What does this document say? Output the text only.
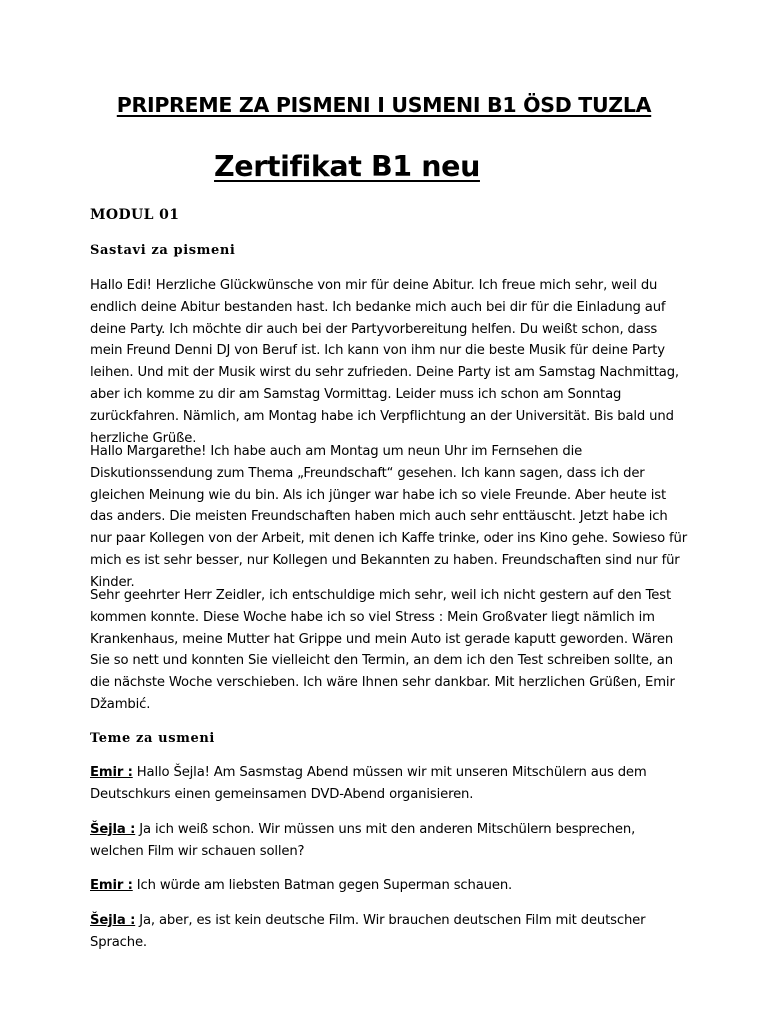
PRIPREME ZA PISMENI I USMENI B1 ÖSD TUZLA
Zertifikat B1 neu
MODUL 01
Sastavi za pismeni

Hallo Edi! Herzliche Glückwünsche von mir für deine Abitur. Ich freue mich sehr, weil du endlich deine Abitur bestanden hast. Ich bedanke mich auch bei dir für die Einladung auf deine Party. Ich möchte dir auch bei der Partyvorbereitung helfen. Du weißt schon, dass mein Freund Denni DJ von Beruf ist. Ich kann von ihm nur die beste Musik für deine Party leihen. Und mit der Musik wirst du sehr zufrieden. Deine Party ist am Samstag Nachmittag, aber ich komme zu dir am Samstag Vormittag. Leider muss ich schon am Sonntag zurückfahren. Nämlich, am Montag habe ich Verpflichtung an der Universität. Bis bald und herzliche Grüße.

Hallo Margarethe! Ich habe auch am Montag um neun Uhr im Fernsehen die Diskutionssendung zum Thema „Freundschaft“ gesehen. Ich kann sagen, dass ich der gleichen Meinung wie du bin. Als ich jünger war habe ich so viele Freunde. Aber heute ist das anders. Die meisten Freundschaften haben mich auch sehr enttäuscht. Jetzt habe ich nur paar Kollegen von der Arbeit, mit denen ich Kaffe trinke, oder ins Kino gehe. Sowieso für mich es ist sehr besser, nur Kollegen und Bekannten zu haben. Freundschaften sind nur für Kinder.

Sehr geehrter Herr Zeidler, ich entschuldige mich sehr, weil ich nicht gestern auf den Test kommen konnte. Diese Woche habe ich so viel Stress : Mein Großvater liegt nämlich im Krankenhaus, meine Mutter hat Grippe und mein Auto ist gerade kaputt geworden. Wären Sie so nett und konnten Sie vielleicht den Termin, an dem ich den Test schreiben sollte, an die nächste Woche verschieben. Ich wäre Ihnen sehr dankbar. Mit herzlichen Grüßen, Emir Džambić.

Teme za usmeni

Emir : Hallo Šejla! Am Sasmstag Abend müssen wir mit unseren Mitschülern aus dem Deutschkurs einen gemeinsamen DVD-Abend organisieren.

Šejla : Ja ich weiß schon. Wir müssen uns mit den anderen Mitschülern besprechen, welchen Film wir schauen sollen?

Emir : Ich würde am liebsten Batman gegen Superman schauen.

Šejla : Ja, aber, es ist kein deutsche Film. Wir brauchen deutschen Film mit deutscher Sprache.
